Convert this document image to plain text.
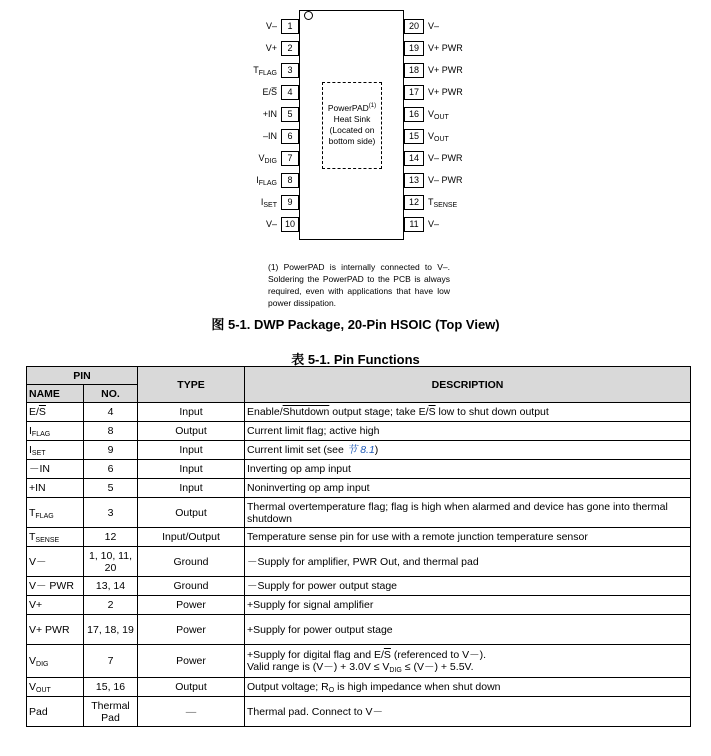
1
V–
2
V+
3
$T_{FLAG}$
4
E/S̅
5
+IN
6
–IN
7
$V_{DIG}$
8
$I_{FLAG}$
9
$I_{SET}$
10
V–
20	V–
19	V+ PWR
18	V+ PWR
17	V+ PWR
16	$V_{OUT}$
15	$V_{OUT}$
14	V– PWR
13	V– PWR
12	$T_{SENSE}$
11	V–
PowerPAD$^{(1)}$
Heat Sink
(Located on
bottom side)
(1) PowerPAD is internally connected to V–. Soldering the PowerPAD to the PCB is always required, even with applications that have low power dissipation.
图 5-1. DWP Package, 20-Pin HSOIC (Top View)
表 5-1. Pin Functions
PIN		TYPE	DESCRIPTION
NAME	NO.		
$E/\overline{S}$	4	Input	Enable/Shutdown output stage; take $E/\overline{S}$ low to shut down output
$I_{FLAG}$	8	Output	Current limit flag; active high
$I_{SET}$	9	Input	Current limit set (see 节 8.1)
－IN	6	Input	Inverting op amp input
+IN	5	Input	Noninverting op amp input
$T_{FLAG}$	3	Output	Thermal overtemperature flag; flag is high when alarmed and device has gone into thermal shutdown
$T_{SENSE}$	12	Input/Output	Temperature sense pin for use with a remote junction temperature sensor
V－	1, 10, 11, 20	Ground	－Supply for amplifier, PWR Out, and thermal pad
V－ PWR	13, 14	Ground	－Supply for power output stage
V+	2	Power	+Supply for signal amplifier
V+ PWR	17, 18, 19	Power	+Supply for power output stage
$V_{DIG}$	7	Power	+Supply for digital flag and $E/\overline{S}$ (referenced to V－).
Valid range is $(V-) + 3.0V \le V_{DIG} \le (V-) + 5.5V$.

$V_{OUT}$	15, 16	Output	Output voltage; $R_O$ is high impedance when shut down
Pad	Thermal Pad	—	Thermal pad. Connect to V－
